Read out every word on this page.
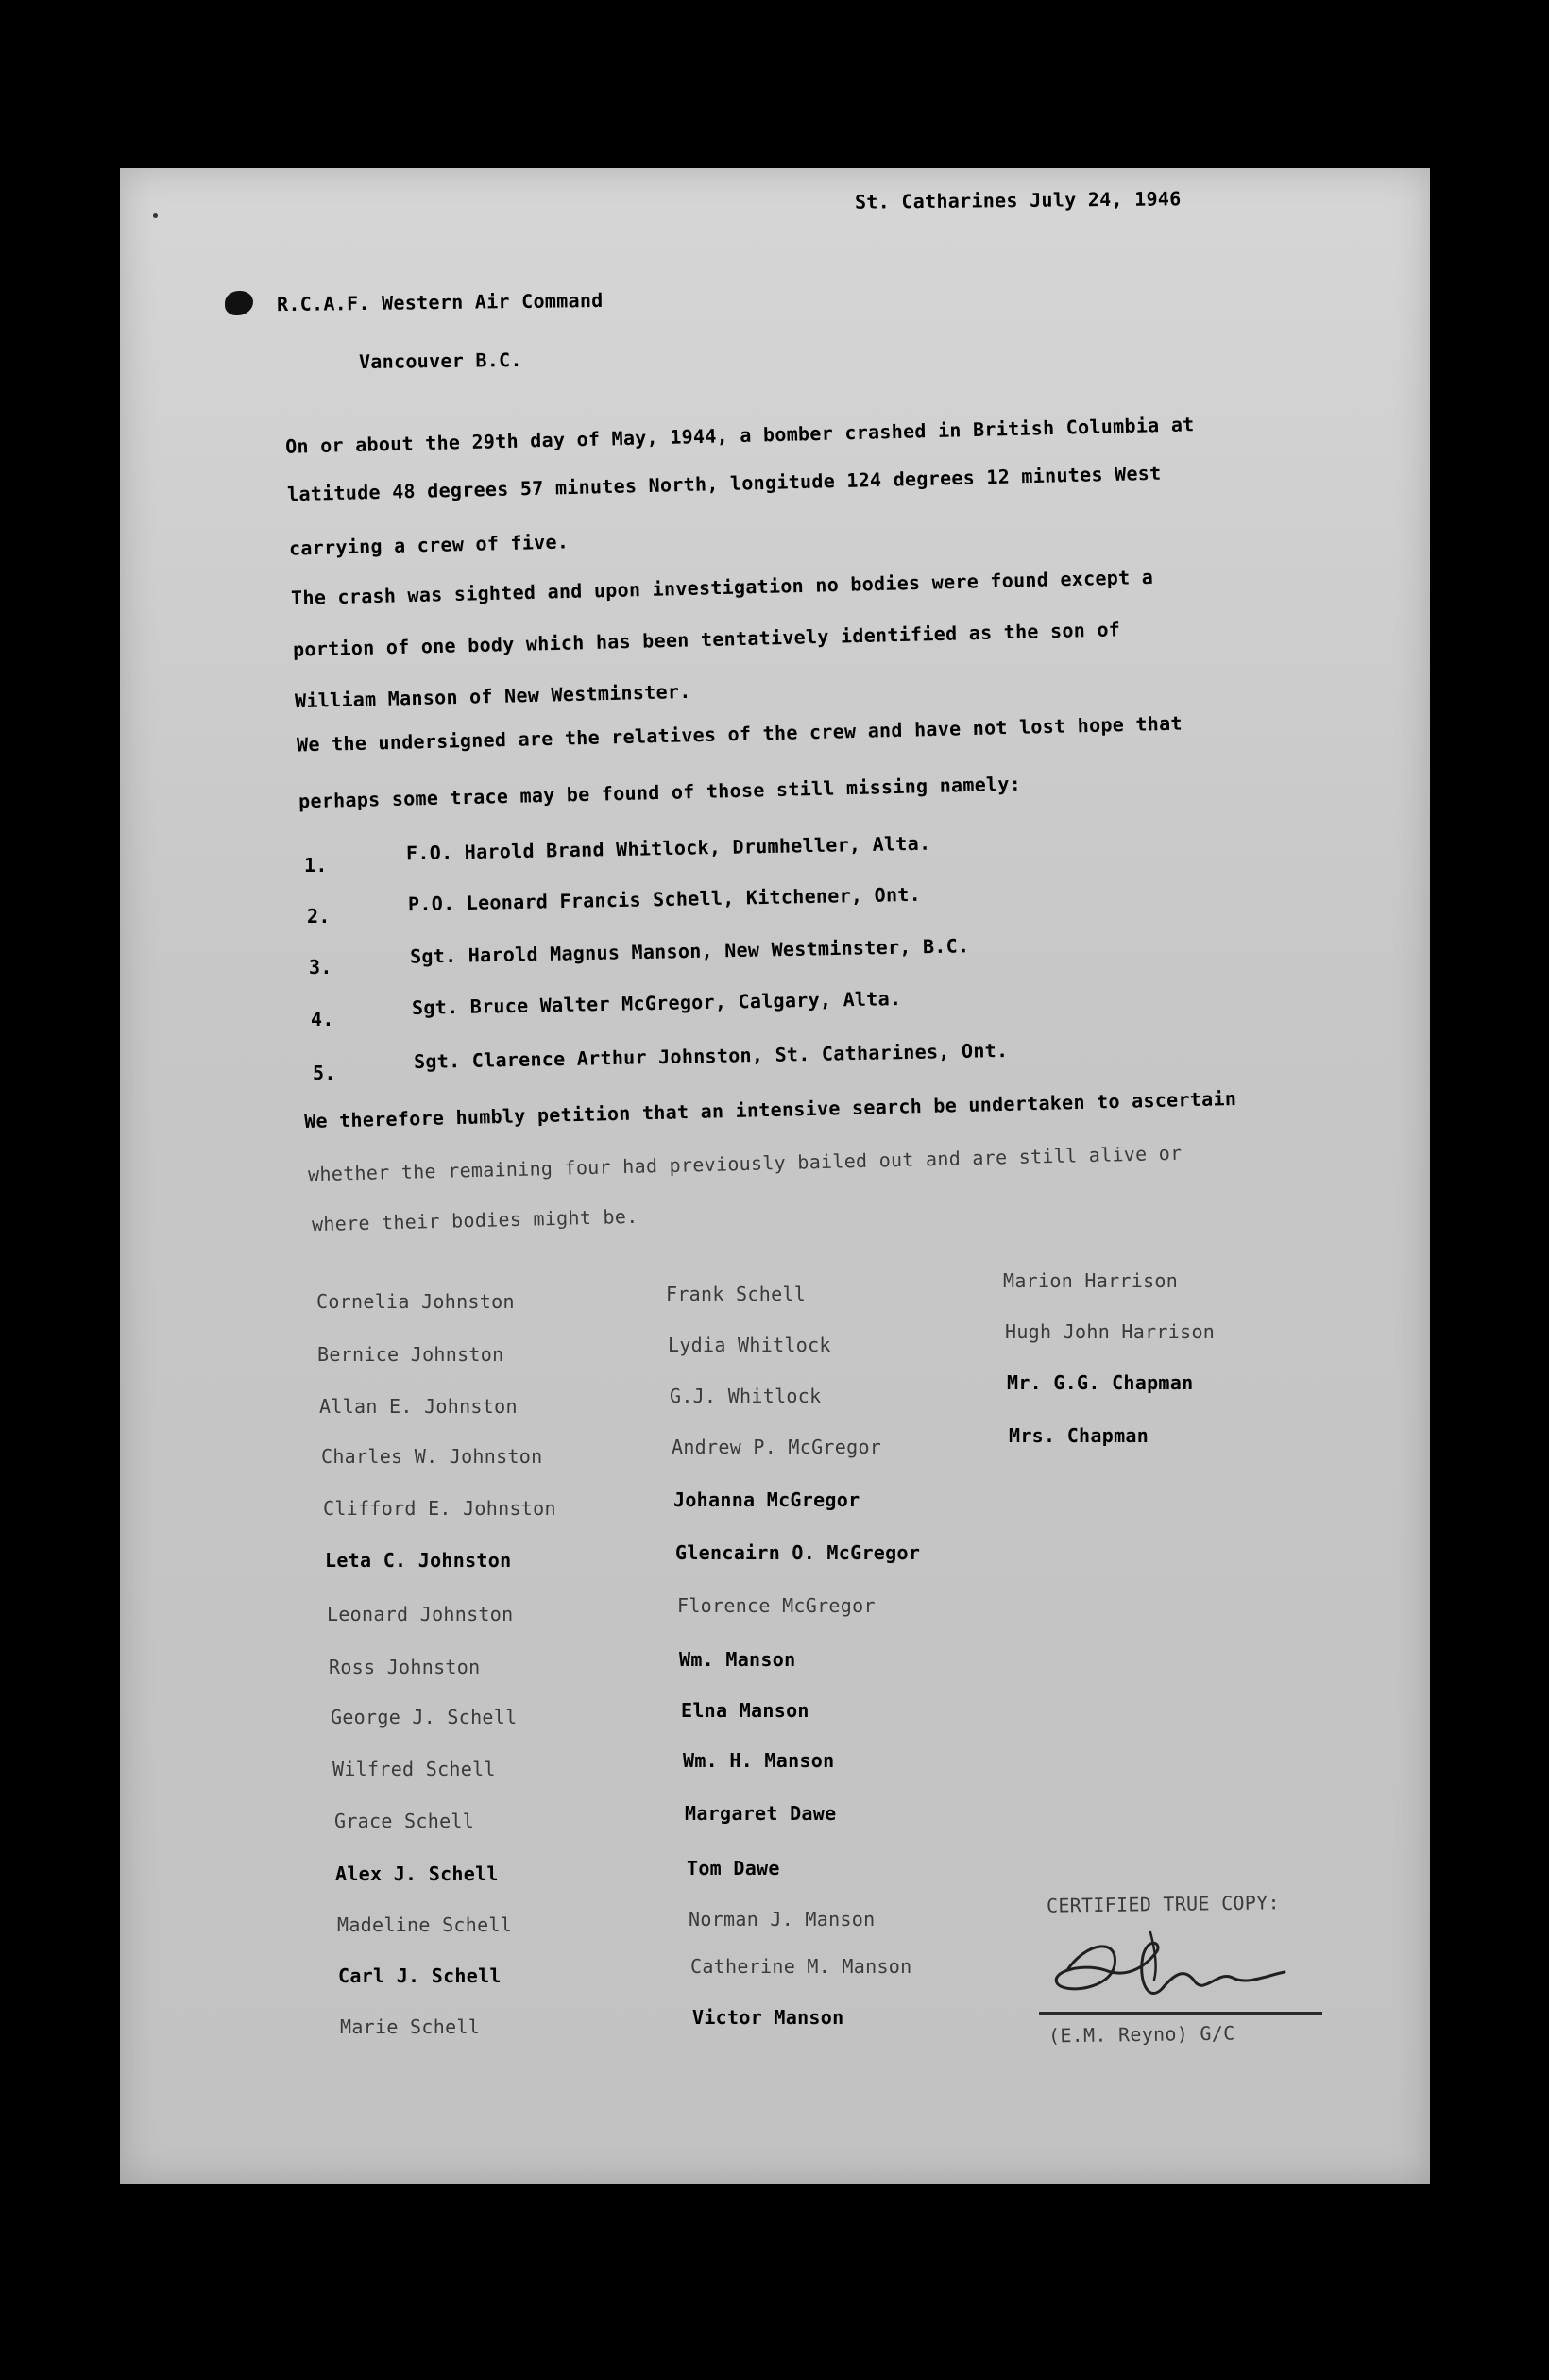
St. Catharines July 24, 1946
R.C.A.F. Western Air Command
Vancouver B.C.
On or about the 29th day of May, 1944, a bomber crashed in British Columbia at
latitude 48 degrees 57 minutes North, longitude 124 degrees 12 minutes West
carrying a crew of five.
The crash was sighted and upon investigation no bodies were found except a
portion of one body which has been tentatively identified as the son of
William Manson of New Westminster.
We the undersigned are the relatives of the crew and have not lost hope that
perhaps some trace may be found of those still missing namely:
1.
F.O. Harold Brand Whitlock, Drumheller, Alta.
2.
P.O. Leonard Francis Schell, Kitchener, Ont.
3.	Sgt. Harold Magnus Manson, New Westminster, B.C.
4.
Sgt. Bruce Walter McGregor, Calgary, Alta.
5.	Sgt. Clarence Arthur Johnston, St. Catharines, Ont.
We therefore humbly petition that an intensive search be undertaken to ascertain
whether the remaining four had previously bailed out and are still alive or
where their bodies might be.
Cornelia Johnston
Bernice Johnston
Allan E. Johnston
Charles W. Johnston
Clifford E. Johnston
Leta C. Johnston
Leonard Johnston
Ross Johnston
George J. Schell
Wilfred Schell
Grace Schell
Alex J. Schell
Madeline Schell
Carl J. Schell
Marie Schell
Frank Schell
Lydia Whitlock
G.J. Whitlock
Andrew P. McGregor
Johanna McGregor
Glencairn O. McGregor
Florence McGregor
Wm. Manson
Elna Manson
Wm. H. Manson
Margaret Dawe
Tom Dawe
Norman J. Manson
Catherine M. Manson
Victor Manson
Marion Harrison
Hugh John Harrison
Mr. G.G. Chapman
Mrs. Chapman
CERTIFIED TRUE COPY:
(E.M. Reyno) G/C
